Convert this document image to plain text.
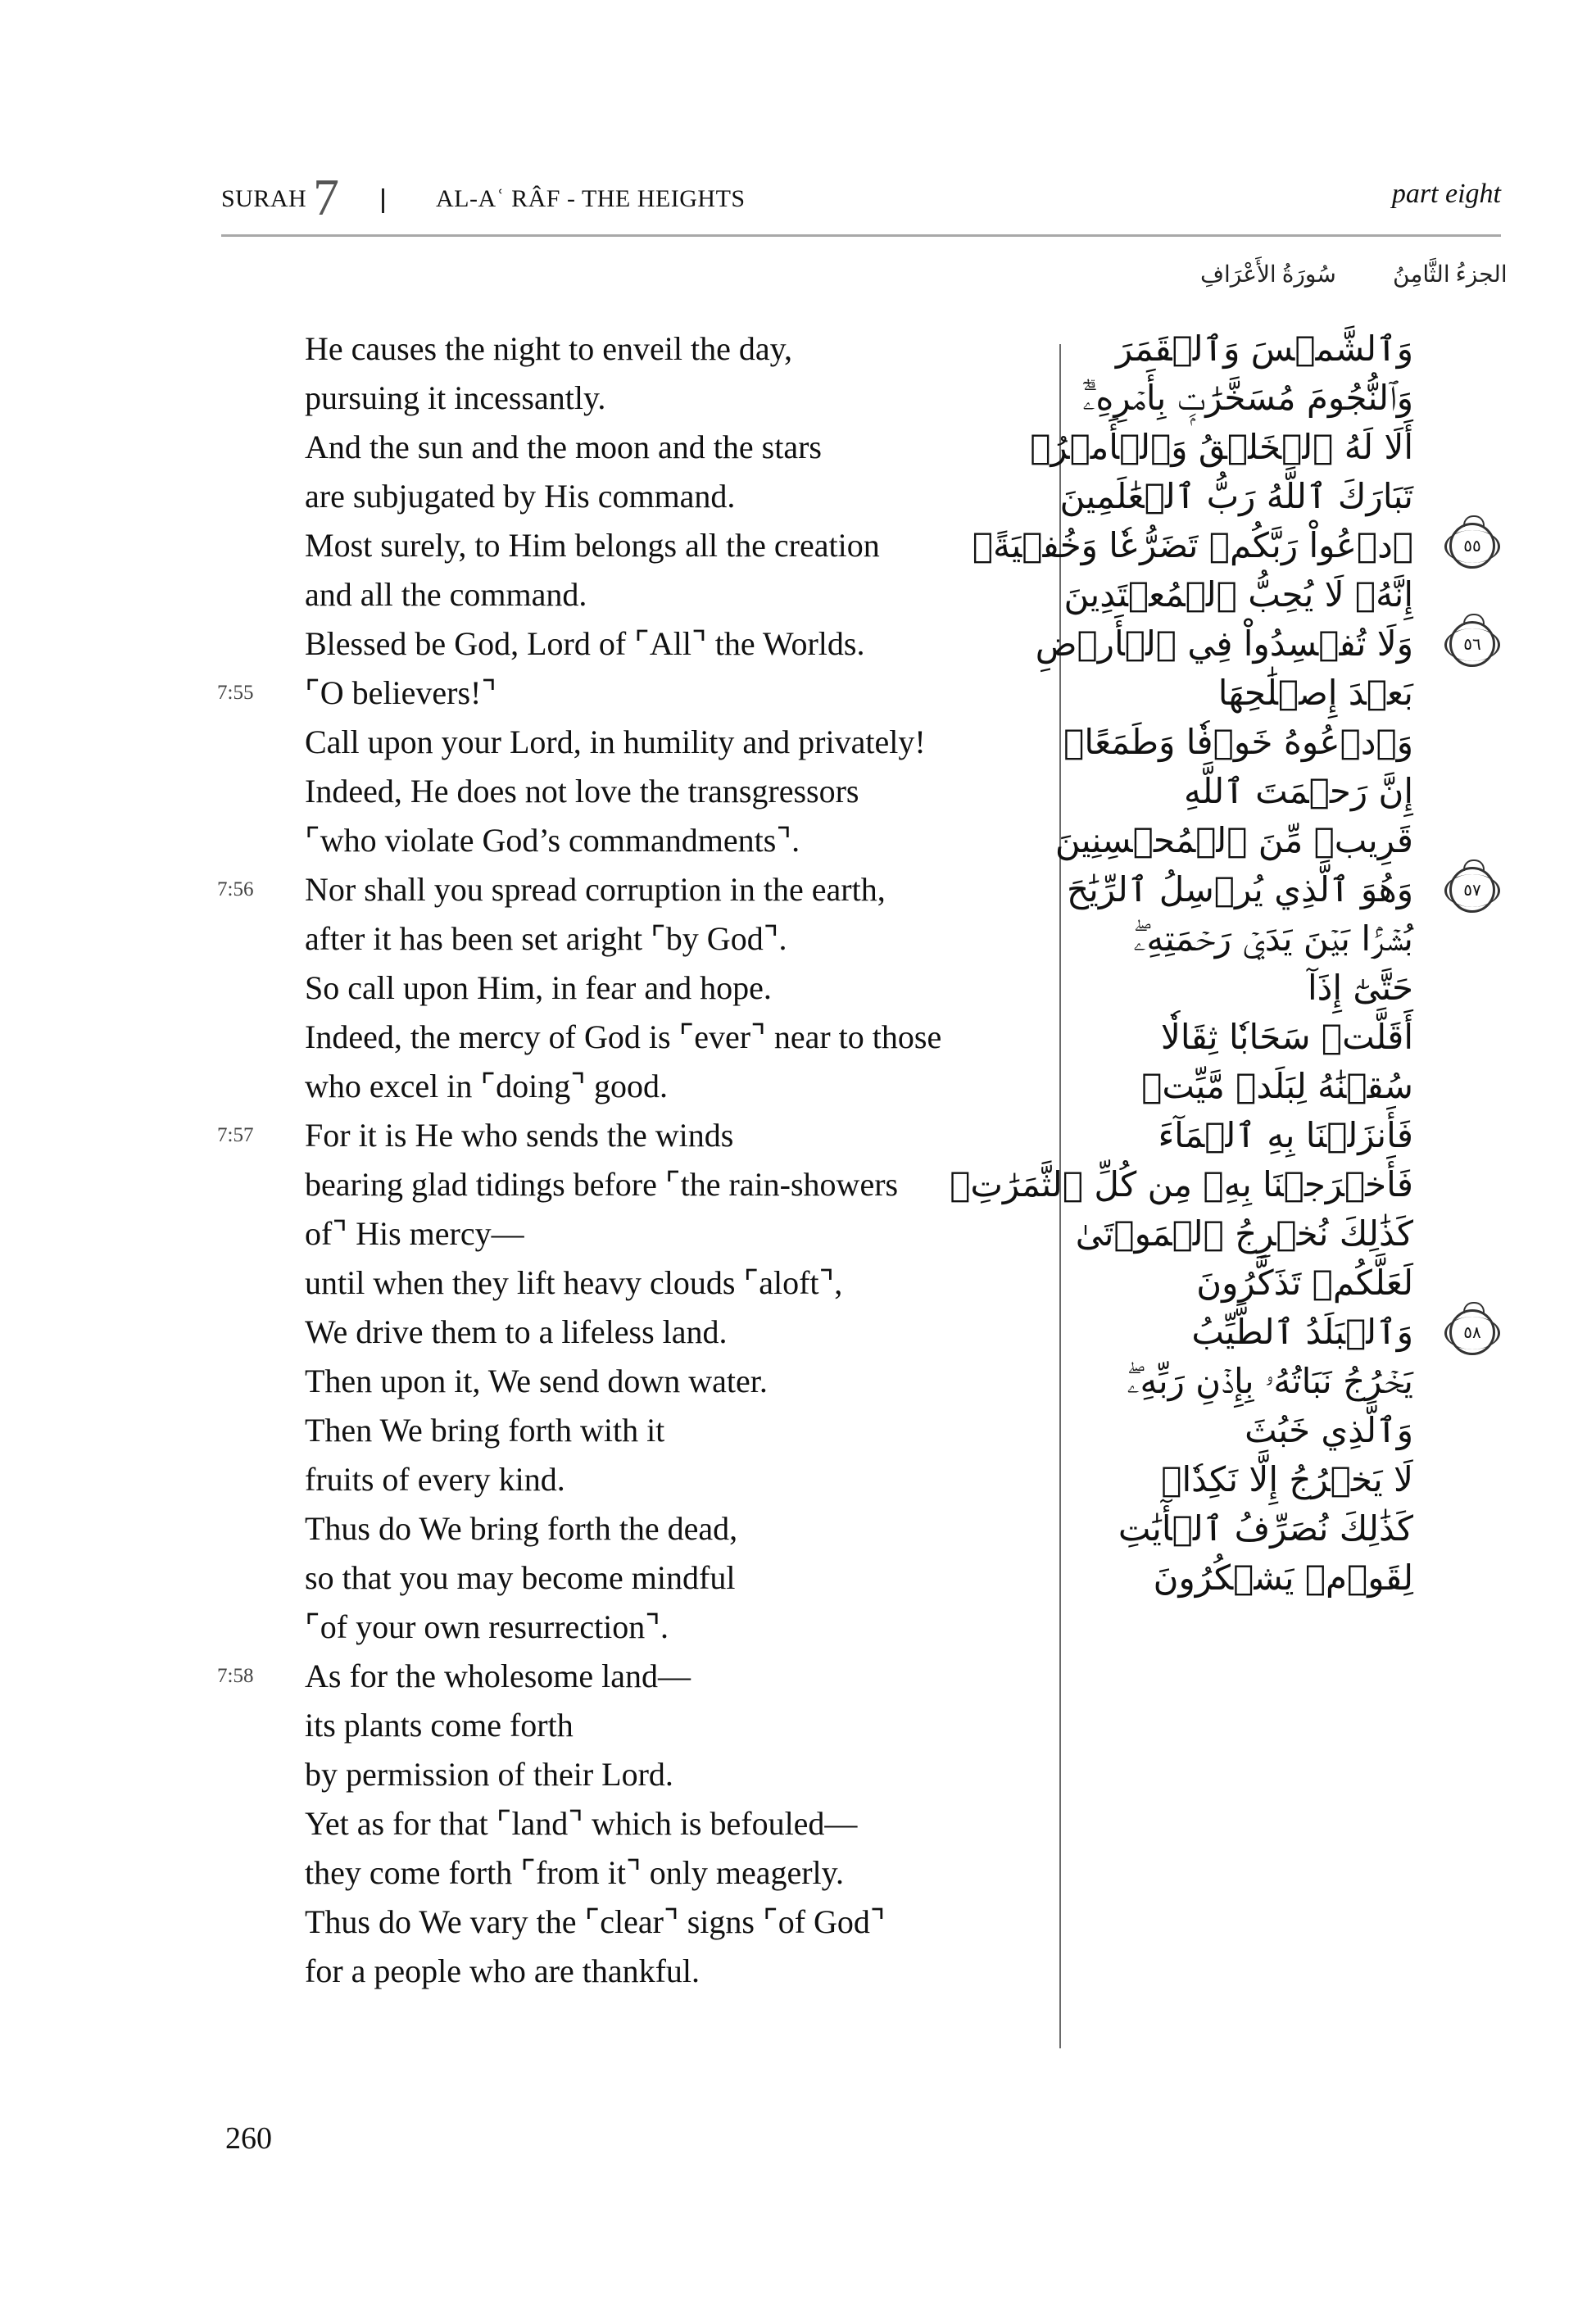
SURAH 7	AL-Aʿ RÂF - THE HEIGHTS	part eight
الجزءُ الثَّامِنُ
سُورَةُ الأَعْرَافِ
He causes the night to enveil the day,
pursuing it incessantly.
And the sun and the moon and the stars
are subjugated by His command.
Most surely, to Him belongs all the creation
and all the command.
Blessed be God, Lord of ⌜All⌝ the Worlds.
7:55	⌜O believers!⌝
Call upon your Lord, in humility and privately!
Indeed, He does not love the transgressors
⌜who violate God’s commandments⌝.
7:56	Nor shall you spread corruption in the earth,
after it has been set aright ⌜by God⌝.
So call upon Him, in fear and hope.
Indeed, the mercy of God is ⌜ever⌝ near to those
who excel in ⌜doing⌝ good.
7:57	For it is He who sends the winds
bearing glad tidings before ⌜the rain-showers
of⌝ His mercy—
until when they lift heavy clouds ⌜aloft⌝,
We drive them to a lifeless land.
Then upon it, We send down water.
Then We bring forth with it
fruits of every kind.
Thus do We bring forth the dead,
so that you may become mindful
⌜of your own resurrection⌝.
7:58	As for the wholesome land—
its plants come forth
by permission of their Lord.
Yet as for that ⌜land⌝ which is befouled—
they come forth ⌜from it⌝ only meagerly.
Thus do We vary the ⌜clear⌝ signs ⌜of God⌝
for a people who are thankful.
وَٱلشَّمۡسَ وَٱلۡقَمَرَ
وَٱلنُّجُومَ مُسَخَّرَٰتِۭ بِأَمۡرِهِۦٓۗ
أَلَا لَهُ ٱلۡخَلۡقُ وَٱلۡأَمۡرُۗ
تَبَارَكَ ٱللَّهُ رَبُّ ٱلۡعَٰلَمِينَ
ٱدۡعُواْ رَبَّكُمۡ تَضَرُّعٗا وَخُفۡيَةًۚ	٥٥
إِنَّهُۥ لَا يُحِبُّ ٱلۡمُعۡتَدِينَ
وَلَا تُفۡسِدُواْ فِي ٱلۡأَرۡضِ	٥٦
بَعۡدَ إِصۡلَٰحِهَا
وَٱدۡعُوهُ خَوۡفٗا وَطَمَعًاۚ
إِنَّ رَحۡمَتَ ٱللَّهِ
قَرِيبٞ مِّنَ ٱلۡمُحۡسِنِينَ
وَهُوَ ٱلَّذِي يُرۡسِلُ ٱلرِّيَٰحَ	٥٧
بُشۡرَۢا بَيۡنَ يَدَيۡ رَحۡمَتِهِۦۖ
حَتَّىٰٓ إِذَآ
أَقَلَّتۡ سَحَابٗا ثِقَالٗا
سُقۡنَٰهُ لِبَلَدٖ مَّيِّتٖ
فَأَنزَلۡنَا بِهِ ٱلۡمَآءَ
فَأَخۡرَجۡنَا بِهِۦ مِن كُلِّ ٱلثَّمَرَٰتِۚ
كَذَٰلِكَ نُخۡرِجُ ٱلۡمَوۡتَىٰ
لَعَلَّكُمۡ تَذَكَّرُونَ
وَٱلۡبَلَدُ ٱلطَّيِّبُ	٥٨
يَخۡرُجُ نَبَاتُهُۥ بِإِذۡنِ رَبِّهِۦۖ
وَٱلَّذِي خَبُثَ
لَا يَخۡرُجُ إِلَّا نَكِدٗاۚ
كَذَٰلِكَ نُصَرِّفُ ٱلۡأٓيَٰتِ
لِقَوۡمٖ يَشۡكُرُونَ
260
